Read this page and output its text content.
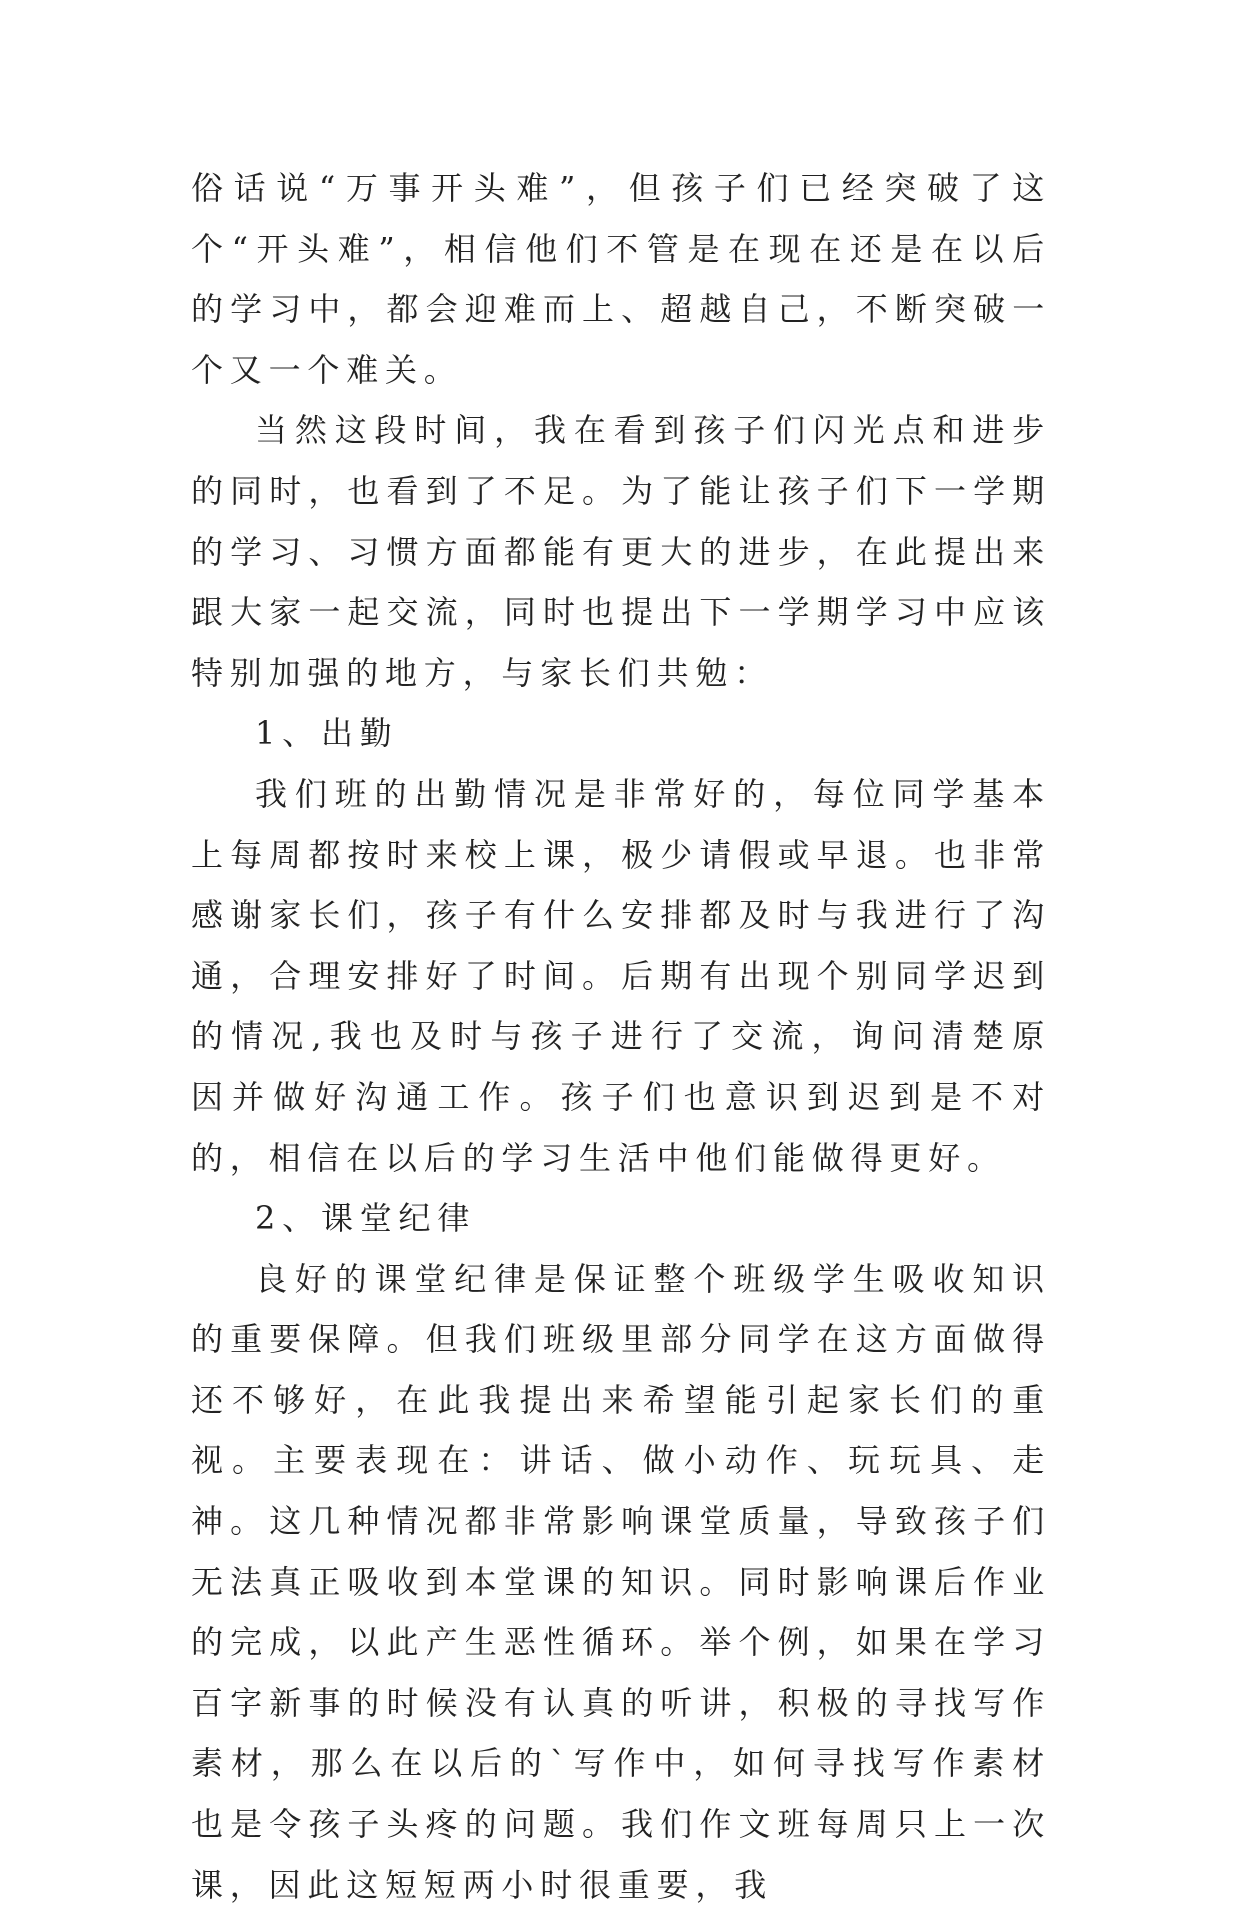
俗话说“万事开头难”，但孩子们已经突破了这个“开头难”，相信他们不管是在现在还是在以后的学习中，都会迎难而上、超越自己，不断突破一个又一个难关。

当然这段时间，我在看到孩子们闪光点和进步的同时，也看到了不足。为了能让孩子们下一学期的学习、习惯方面都能有更大的进步，在此提出来跟大家一起交流，同时也提出下一学期学习中应该特别加强的地方，与家长们共勉：

1、出勤

我们班的出勤情况是非常好的，每位同学基本上每周都按时来校上课，极少请假或早退。也非常感谢家长们，孩子有什么安排都及时与我进行了沟通，合理安排好了时间。后期有出现个别同学迟到的情况,我也及时与孩子进行了交流，询问清楚原因并做好沟通工作。孩子们也意识到迟到是不对的，相信在以后的学习生活中他们能做得更好。

2、课堂纪律

良好的课堂纪律是保证整个班级学生吸收知识的重要保障。但我们班级里部分同学在这方面做得还不够好，在此我提出来希望能引起家长们的重视。主要表现在：讲话、做小动作、玩玩具、走神。这几种情况都非常影响课堂质量，导致孩子们无法真正吸收到本堂课的知识。同时影响课后作业的完成，以此产生恶性循环。举个例，如果在学习百字新事的时候没有认真的听讲，积极的寻找写作素材，那么在以后的`写作中，如何寻找写作素材也是令孩子头疼的问题。我们作文班每周只上一次课，因此这短短两小时很重要，我
